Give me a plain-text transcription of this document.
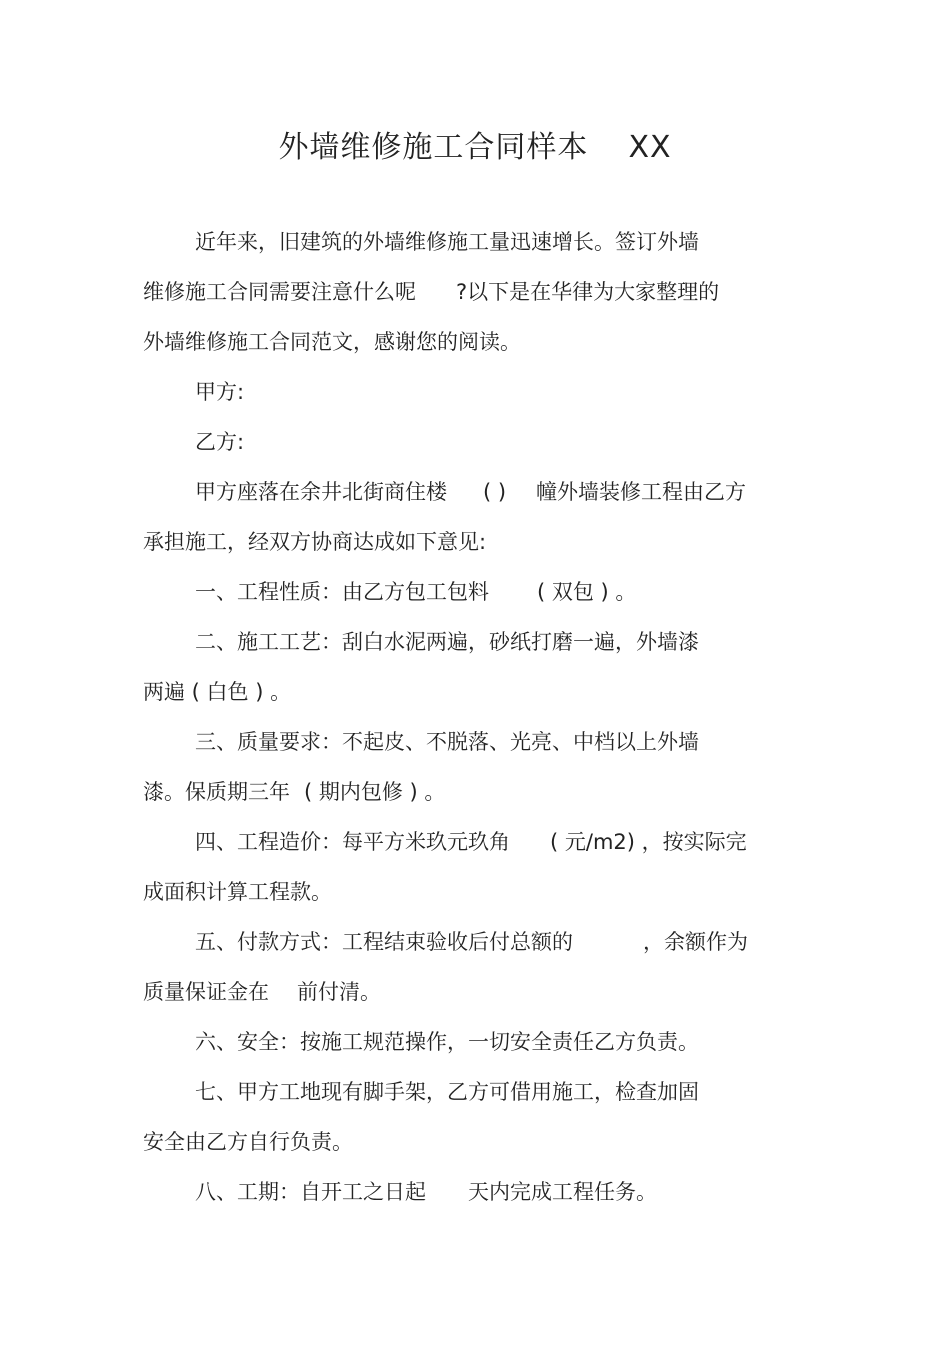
外墙维修施工合同样本 XX
近年来，旧建筑的外墙维修施工量迅速增长。签订外墙
维修施工合同需要注意什么呢 ?以下是在华律为大家整理的
外墙维修施工合同范文，感谢您的阅读。
甲方:
乙方:
甲方座落在余井北街商住楼 ( ) 幢外墙装修工程由乙方
承担施工，经双方协商达成如下意见:
一、工程性质：由乙方包工包料 ( 双包 ) 。
二、施工工艺：刮白水泥两遍，砂纸打磨一遍，外墙漆
两遍 ( 白色 ) 。
三、质量要求：不起皮、不脱落、光亮、中档以上外墙
漆。保质期三年 ( 期内包修 ) 。
四、工程造价：每平方米玖元玖角 ( 元/m2) ，按实际完
成面积计算工程款。
五、付款方式：工程结束验收后付总额的	，余额作为
质量保证金在 前付清。
六、安全：按施工规范操作，一切安全责任乙方负责。
七、甲方工地现有脚手架，乙方可借用施工，检查加固
安全由乙方自行负责。
八、工期：自开工之日起 天内完成工程任务。
